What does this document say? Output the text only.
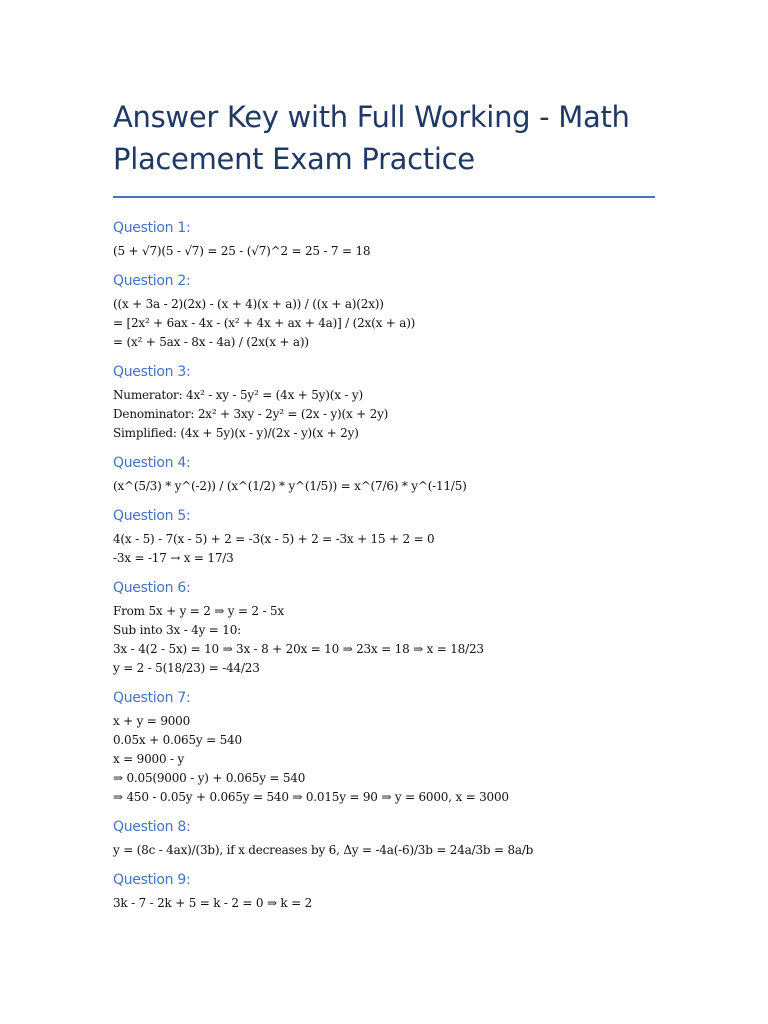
Answer Key with Full Working - Math Placement Exam Practice
Question 1:
(5 + √7)(5 - √7) = 25 - (√7)^2 = 25 - 7 = 18
Question 2:
((x + 3a - 2)(2x) - (x + 4)(x + a)) / ((x + a)(2x))
= [2x² + 6ax - 4x - (x² + 4x + ax + 4a)] / (2x(x + a))
= (x² + 5ax - 8x - 4a) / (2x(x + a))
Question 3:
Numerator: 4x² - xy - 5y² = (4x + 5y)(x - y)
Denominator: 2x² + 3xy - 2y² = (2x - y)(x + 2y)
Simplified: (4x + 5y)(x - y)/(2x - y)(x + 2y)
Question 4:
(x^(5/3) * y^(-2)) / (x^(1/2) * y^(1/5)) = x^(7/6) * y^(-11/5)
Question 5:
4(x - 5) - 7(x - 5) + 2 = -3(x - 5) + 2 = -3x + 15 + 2 = 0
-3x = -17 → x = 17/3
Question 6:
From 5x + y = 2 ⇒ y = 2 - 5x
Sub into 3x - 4y = 10:
3x - 4(2 - 5x) = 10 ⇒ 3x - 8 + 20x = 10 ⇒ 23x = 18 ⇒ x = 18/23
y = 2 - 5(18/23) = -44/23
Question 7:
x + y = 9000
0.05x + 0.065y = 540
x = 9000 - y
⇒ 0.05(9000 - y) + 0.065y = 540
⇒ 450 - 0.05y + 0.065y = 540 ⇒ 0.015y = 90 ⇒ y = 6000, x = 3000
Question 8:
y = (8c - 4ax)/(3b), if x decreases by 6, Δy = -4a(-6)/3b = 24a/3b = 8a/b
Question 9:
3k - 7 - 2k + 5 = k - 2 = 0 ⇒ k = 2
